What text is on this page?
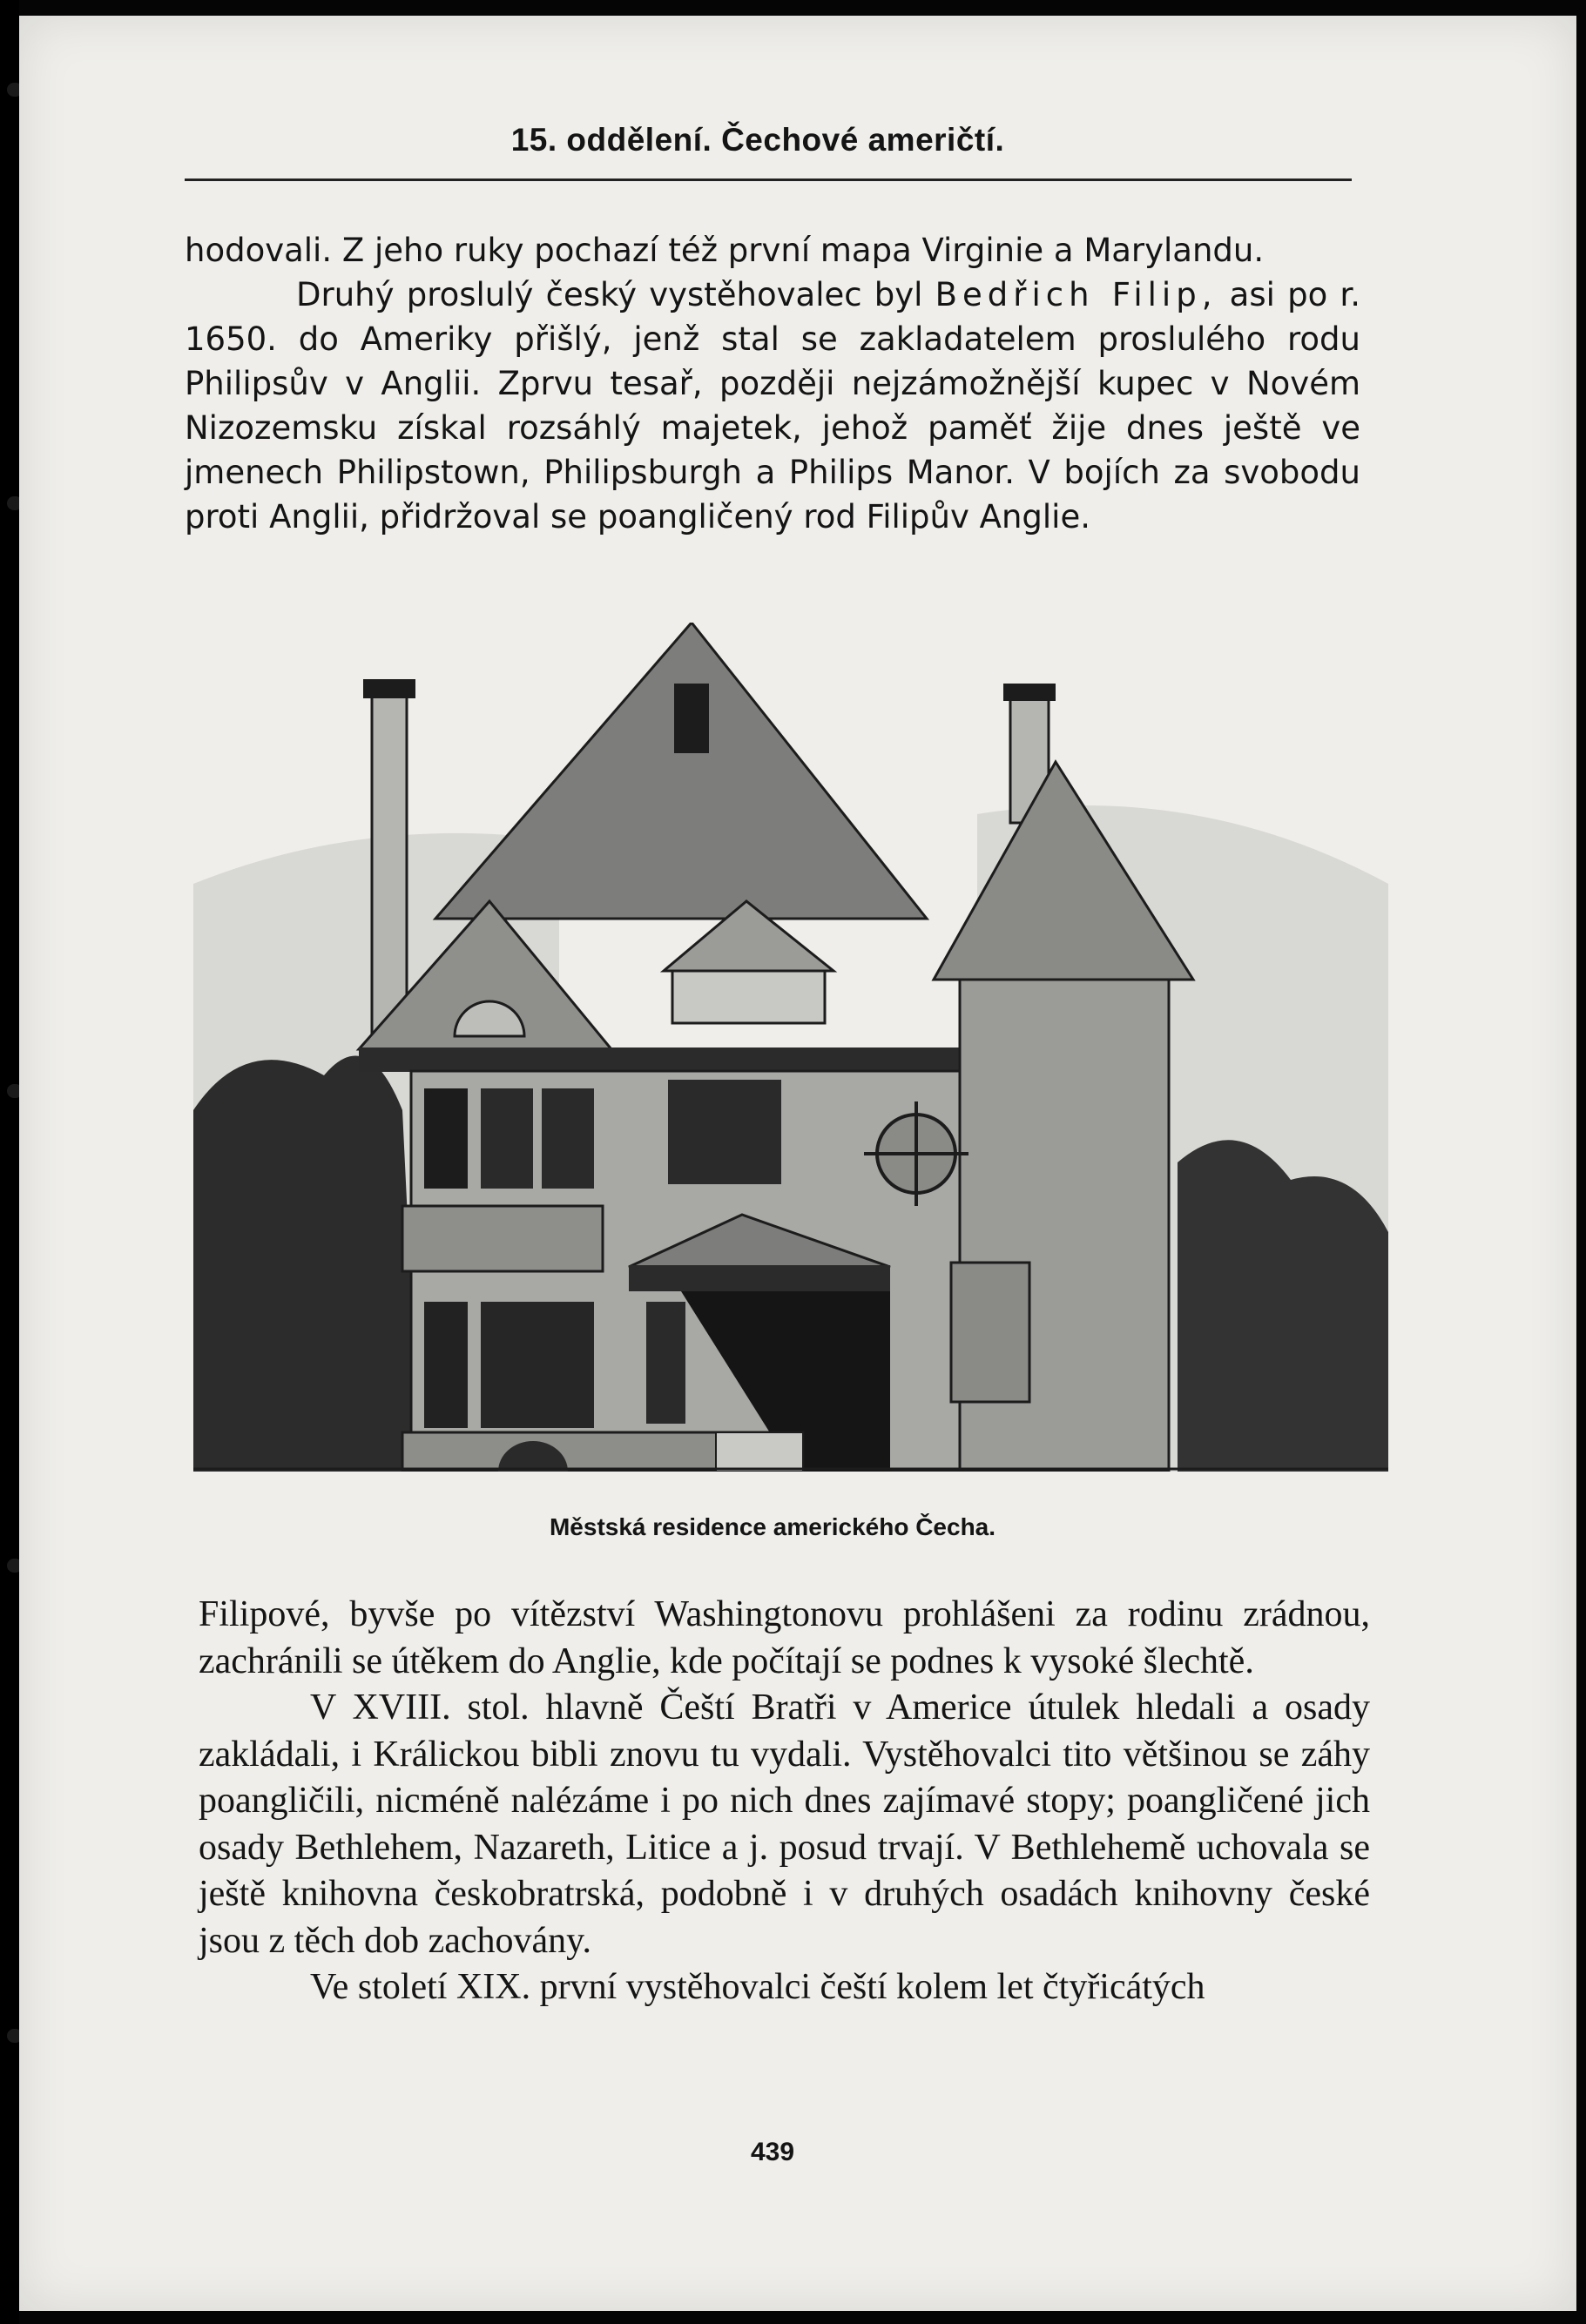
15. oddělení. Čechové američtí.

hodovali. Z jeho ruky pochazí též první mapa Virginie a Marylandu.

Druhý proslulý český vystěhovalec byl Bedřich Filip, asi po r. 1650. do Ameriky přišlý, jenž stal se zakladatelem proslulého rodu Philipsův v Anglii. Zprvu tesař, později nejzámožnější kupec v Novém Nizozemsku získal rozsáhlý majetek, jehož paměť žije dnes ještě ve jmenech Philipstown, Philipsburgh a Philips Manor. V bojích za svobodu proti Anglii, přidržoval se poangličený rod Filipův Anglie.

Městská residence amerického Čecha.

Filipové, byvše po vítězství Washingtonovu prohlášeni za rodinu zrádnou, zachránili se útěkem do Anglie, kde počítají se podnes k vysoké šlechtě.

V XVIII. stol. hlavně Čeští Bratři v Americe útulek hledali a osady zakládali, i Králickou bibli znovu tu vydali. Vystěhovalci tito většinou se záhy poangličili, nicméně nalézáme i po nich dnes zajímavé stopy; poangličené jich osady Bethlehem, Nazareth, Litice a j. posud trvají. V Bethlehemě uchovala se ještě knihovna českobratrská, podobně i v druhých osadách knihovny české jsou z těch dob zachovány.

Ve století XIX. první vystěhovalci čeští kolem let čtyřicátých

439
